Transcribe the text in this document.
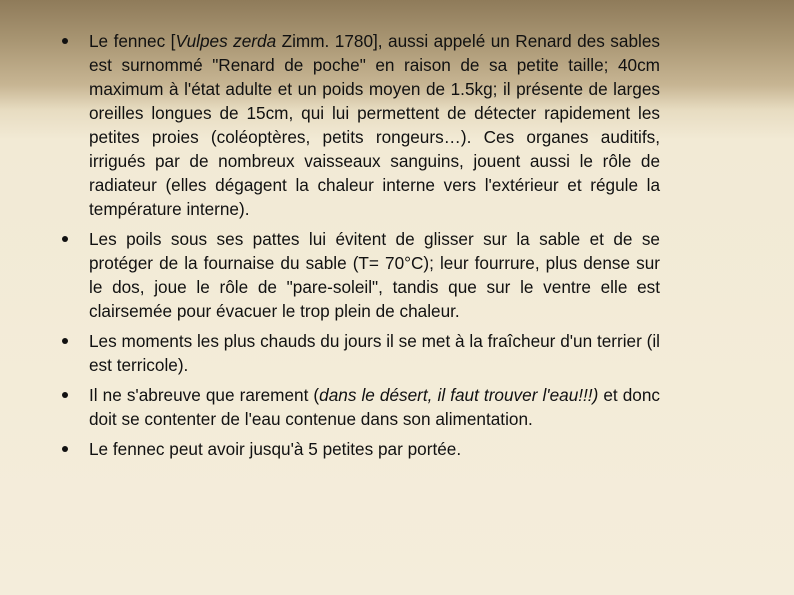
Le fennec [Vulpes zerda Zimm. 1780], aussi appelé un Renard des sables est surnommé "Renard de poche" en raison de sa petite taille; 40cm maximum à l'état adulte et un poids moyen de 1.5kg; il présente de larges oreilles longues de 15cm, qui lui permettent de détecter rapidement les petites proies (coléoptères, petits rongeurs…). Ces organes auditifs, irrigués par de nombreux vaisseaux sanguins, jouent aussi le rôle de radiateur (elles dégagent la chaleur interne vers l'extérieur et régule la température interne).
Les poils sous ses pattes lui évitent de glisser sur la sable et de se protéger de la fournaise du sable (T= 70°C); leur fourrure, plus dense sur le dos, joue le rôle de "pare-soleil", tandis que sur le ventre elle est clairsemée pour évacuer le trop plein de chaleur.
Les moments les plus chauds du jours il se met à la fraîcheur d'un terrier (il est terricole).
Il ne s'abreuve que rarement (dans le désert, il faut trouver l'eau!!!) et donc doit se contenter de l'eau contenue dans son alimentation.
Le fennec peut avoir jusqu'à 5 petites par portée.
